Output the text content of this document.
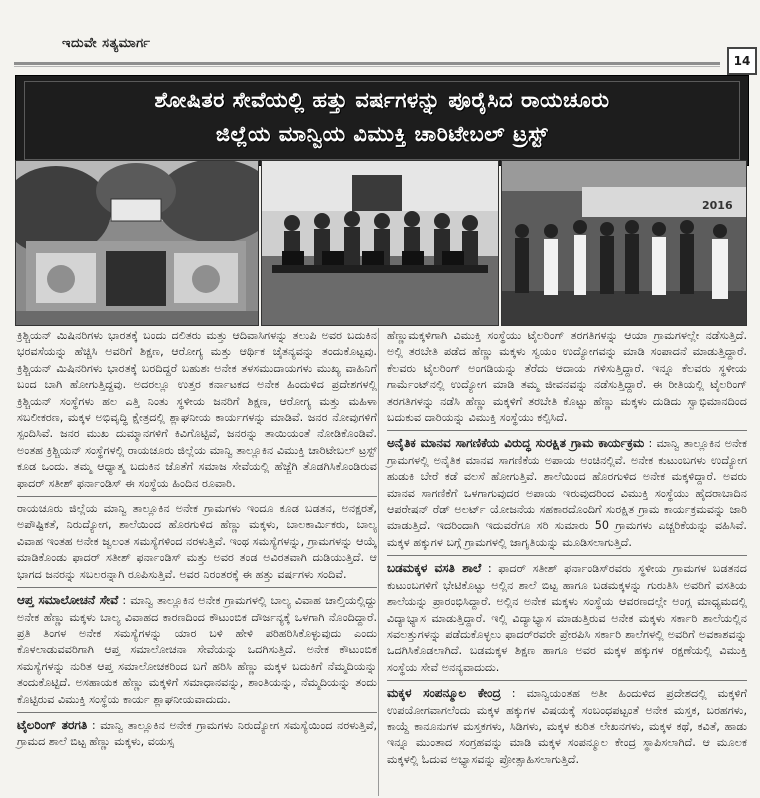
ಇದುವೇ ಸತ್ಯಮಾರ್ಗ
14
ಶೋಷಿತರ ಸೇವೆಯಲ್ಲಿ ಹತ್ತು ವರ್ಷಗಳನ್ನು ಪೂರೈಸಿದ ರಾಯಚೂರು
ಜಿಲ್ಲೆಯ ಮಾನ್ವಿಯ ವಿಮುಕ್ತಿ ಚಾರಿಟೇಬಲ್ ಟ್ರಸ್ಟ್
2016

ಕ್ರಿಶ್ಚಿಯನ್ ಮಿಷಿನರಿಗಳು ಭಾರತಕ್ಕೆ ಬಂದು ದಲಿತರು ಮತ್ತು ಆದಿವಾಸಿಗಳನ್ನು ತಲುಪಿ ಅವರ ಬದುಕಿನ ಭರವಸೆಯನ್ನು ಹೆಚ್ಚಿಸಿ ಅವರಿಗೆ ಶಿಕ್ಷಣ, ಆರೋಗ್ಯ ಮತ್ತು ಆರ್ಥಿಕ ಚೈತನ್ಯವನ್ನು ತಂದುಕೊಟ್ಟವು. ಕ್ರಿಶ್ಚಿಯನ್ ಮಿಷಿನರಿಗಳು ಭಾರತಕ್ಕೆ ಬರದಿದ್ದರೆ ಬಹುಶಃ ಅನೇಕ ತಳಸಮುದಾಯಗಳು ಮುಖ್ಯ ವಾಹಿನಿಗೆ ಬಂದ ಬಾಗಿ ಹೋಗುತ್ತಿದ್ದವು. ಅದರಲ್ಲೂ ಉತ್ತರ ಕರ್ನಾಟಕದ ಅನೇಕ ಹಿಂದುಳಿದ ಪ್ರದೇಶಗಳಲ್ಲಿ ಕ್ರಿಶ್ಚಿಯನ್ ಸಂಸ್ಥೆಗಳು ಹಲ ಎತ್ತಿ ನಿಂತು ಸ್ಥಳೀಯ ಜನರಿಗೆ ಶಿಕ್ಷಣ, ಆರೋಗ್ಯ ಮತ್ತು ಮಹಿಳಾ ಸಬಲೀಕರಣ, ಮಕ್ಕಳ ಅಭಿವೃದ್ಧಿ ಕ್ಷೇತ್ರದಲ್ಲಿ ಶ್ಲಾಘನೀಯ ಕಾರ್ಯಗಳನ್ನು ಮಾಡಿವೆ. ಜನರ ನೋವುಗಳಿಗೆ ಸ್ಪಂದಿಸಿವೆ. ಜನರ ಮುಖ ದುಮ್ಮಾನಗಳಿಗೆ ಕಿವಿಗೊಟ್ಟಿವೆ, ಜನರನ್ನು ತಾಯಿಯಂತೆ ನೋಡಿಕೊಂಡಿವೆ. ಅಂತಹ ಕ್ರಿಶ್ಚಿಯನ್ ಸಂಸ್ಥೆಗಳಲ್ಲಿ ರಾಯಚೂರು ಜಿಲ್ಲೆಯ ಮಾನ್ವಿ ತಾಲ್ಲೂಕಿನ ವಿಮುಕ್ತಿ ಚಾರಿಟೇಬಲ್ ಟ್ರಸ್ಟ್ ಕೂಡ ಒಂದು. ತಮ್ಮ ಆಧ್ಯಾತ್ಮ ಬದುಕಿನ ಜೊತೆಗೆ ಸಮಾಜ ಸೇವೆಯಲ್ಲಿ ಹೆಜ್ಜೆಗಿ ತೊಡಗಿಸಿಕೊಂಡಿರುವ ಫಾದರ್ ಸತೀಶ್ ಫರ್ನಾಂಡಿಸ್ ಈ ಸಂಸ್ಥೆಯ ಹಿಂದಿನ ರೂವಾರಿ.

ರಾಯಚೂರು ಜಿಲ್ಲೆಯ ಮಾನ್ವಿ ತಾಲ್ಲೂಕಿನ ಅನೇಕ ಗ್ರಾಮಗಳು ಇಂದೂ ಕೂಡ ಬಡತನ, ಅನಕ್ಷರತೆ, ಅಪೌಷ್ಟಿಕತೆ, ನಿರುದ್ಯೋಗ, ಶಾಲೆಯಿಂದ ಹೊರಗುಳಿದ ಹೆಣ್ಣು ಮಕ್ಕಳು, ಬಾಲಕಾರ್ಮಿಕರು, ಬಾಲ್ಯ ವಿವಾಹ ಇಂತಹ ಅನೇಕ ಜ್ವಲಂತ ಸಮಸ್ಯೆಗಳಿಂದ ನರಳುತ್ತಿವೆ. ಇಂಥ ಸಮಸ್ಯೆಗಳನ್ನು, ಗ್ರಾಮಗಳನ್ನು ಆಯ್ಕೆ ಮಾಡಿಕೊಂಡು ಫಾದರ್ ಸತೀಶ್ ಫರ್ನಾಂಡಿಸ್ ಮತ್ತು ಅವರ ತಂಡ ಅವಿರತವಾಗಿ ದುಡಿಯುತ್ತಿದೆ. ಆ ಭಾಗದ ಜನರನ್ನು ಸಬಲರನ್ನಾಗಿ ರೂಪಿಸುತ್ತಿವೆ. ಅವರ ನಿರಂತರಕ್ಕೆ ಈ ಹತ್ತು ವರ್ಷಗಳು ಸಂದಿವೆ.

ಆಪ್ತ ಸಮಾಲೋಚನೆ ಸೇವೆ : ಮಾನ್ವಿ ತಾಲ್ಲೂಕಿನ ಅನೇಕ ಗ್ರಾಮಗಳಲ್ಲಿ ಬಾಲ್ಯ ವಿವಾಹ ಚಾಲ್ತಿಯಲ್ಲಿದ್ದು ಅನೇಕ ಹೆಣ್ಣು ಮಕ್ಕಳು ಬಾಲ್ಯ ವಿವಾಹದ ಕಾರಣದಿಂದ ಕೌಟುಂಬಿಕ ದೌರ್ಜನ್ಯಕ್ಕೆ ಒಳಗಾಗಿ ನೊಂದಿದ್ದಾರೆ. ಪ್ರತಿ ತಿಂಗಳ ಅನೇಕ ಸಮಸ್ಯೆಗಳನ್ನು ಯಾರ ಬಳಿ ಹೇಳಿ ಪರಿಹರಿಸಿಕೊಳ್ಳುವುದು ಎಂದು ಕೊಳಲಾಡುವವರಿಗಾಗಿ ಆಪ್ತ ಸಮಾಲೋಚನಾ ಸೇವೆಯನ್ನು ಒದಗಿಸುತ್ತಿದೆ. ಅನೇಕ ಕೌಟುಂಬಿಕ ಸಮಸ್ಯೆಗಳನ್ನು ನುರಿತ ಆಪ್ತ ಸಮಾಲೋಚಕರಿಂದ ಬಗೆ ಹರಿಸಿ ಹೆಣ್ಣು ಮಕ್ಕಳ ಬದುಕಿಗೆ ನೆಮ್ಮದಿಯನ್ನು ತಂದುಕೊಟ್ಟಿದೆ. ಅಸಹಾಯಕ ಹೆಣ್ಣು ಮಕ್ಕಳಿಗೆ ಸಮಾಧಾನವನ್ನು, ಶಾಂತಿಯನ್ನು, ನೆಮ್ಮದಿಯನ್ನು ತಂದು ಕೊಟ್ಟಿರುವ ವಿಮುಕ್ತಿ ಸಂಸ್ಥೆಯ ಕಾರ್ಯ ಶ್ಲಾಘನೀಯವಾದುದು.

ಟೈಲರಿಂಗ್ ತರಗತಿ : ಮಾನ್ವಿ ತಾಲ್ಲೂಕಿನ ಅನೇಕ ಗ್ರಾಮಗಳು ನಿರುದ್ಯೋಗ ಸಮಸ್ಯೆಯಿಂದ ನರಳುತ್ತಿವೆ, ಗ್ರಾಮದ ಶಾಲೆ ಬಿಟ್ಟ ಹೆಣ್ಣು ಮಕ್ಕಳು, ವಯಸ್ಸ

ಹೆಣ್ಣುಮಕ್ಕಳಿಗಾಗಿ ವಿಮುಕ್ತಿ ಸಂಸ್ಥೆಯು ಟೈಲರಿಂಗ್ ತರಗತಿಗಳನ್ನು ಆಯಾ ಗ್ರಾಮಗಳಲ್ಲೇ ನಡೆಸುತ್ತಿದೆ. ಅಲ್ಲಿ ತರಬೇತಿ ಪಡೆದ ಹೆಣ್ಣು ಮಕ್ಕಳು ಸ್ವಯಂ ಉದ್ಯೋಗವನ್ನು ಮಾಡಿ ಸಂಪಾದನೆ ಮಾಡುತ್ತಿದ್ದಾರೆ. ಕೆಲವರು ಟೈಲರಿಂಗ್ ಅಂಗಡಿಯನ್ನು ತೆರೆದು ಆದಾಯ ಗಳಿಸುತ್ತಿದ್ದಾರೆ. ಇನ್ನೂ ಕೆಲವರು ಸ್ಥಳೀಯ ಗಾರ್ಮೆಂಟ್‌ನಲ್ಲಿ ಉದ್ಯೋಗ ಮಾಡಿ ತಮ್ಮ ಜೀವನವನ್ನು ನಡೆಸುತ್ತಿದ್ದಾರೆ. ಈ ರೀತಿಯಲ್ಲಿ ಟೈಲರಿಂಗ್ ತರಗತಿಗಳನ್ನು ನಡೆಸಿ ಹೆಣ್ಣು ಮಕ್ಕಳಿಗೆ ತರಬೇತಿ ಕೊಟ್ಟು ಹೆಣ್ಣು ಮಕ್ಕಳು ದುಡಿದು ಸ್ವಾಭಿಮಾನದಿಂದ ಬದುಕುವ ದಾರಿಯನ್ನು ವಿಮುಕ್ತಿ ಸಂಸ್ಥೆಯು ಕಲ್ಪಿಸಿದೆ.

ಅನೈತಿಕ ಮಾನವ ಸಾಗಣಿಕೆಯ ವಿರುದ್ಧ ಸುರಕ್ಷಿತ ಗ್ರಾಮ ಕಾರ್ಯಕ್ರಮ : ಮಾನ್ವಿ ತಾಲ್ಲೂಕಿನ ಅನೇಕ ಗ್ರಾಮಗಳಲ್ಲಿ ಅನೈತಿಕ ಮಾನವ ಸಾಗಣಿಕೆಯ ಅಪಾಯ ಅಂಚಿನಲ್ಲಿವೆ. ಅನೇಕ ಕುಟುಂಬಗಳು ಉದ್ಯೋಗ ಹುಡುಕಿ ಬೇರೆ ಕಡೆ ವಲಸೆ ಹೋಗುತ್ತಿವೆ. ಶಾಲೆಯಿಂದ ಹೊರಗುಳಿದ ಅನೇಕ ಮಕ್ಕಳಿದ್ದಾರೆ. ಅವರು ಮಾನವ ಸಾಗಣಿಕೆಗೆ ಒಳಗಾಗುವುದರ ಅಪಾಯ ಇರುವುದರಿಂದ ವಿಮುಕ್ತಿ ಸಂಸ್ಥೆಯು ಹೈದರಾಬಾದಿನ ಆಪರೇಷನ್ ರೆಡ್ ಅಲರ್ಟ್ ಯೋಜನೆಯ ಸಹಕಾರದೊಂದಿಗೆ ಸುರಕ್ಷಿತ ಗ್ರಾಮ ಕಾರ್ಯಕ್ರಮವನ್ನು ಜಾರಿ ಮಾಡುತ್ತಿದೆ. ಇದರಿಂದಾಗಿ ಇದುವರೆಗೂ ಸರಿ ಸುಮಾರು 50 ಗ್ರಾಮಗಳು ಎಚ್ಚರಿಕೆಯನ್ನು ವಹಿಸಿವೆ. ಮಕ್ಕಳ ಹಕ್ಕುಗಳ ಬಗ್ಗೆ ಗ್ರಾಮಗಳಲ್ಲಿ ಜಾಗೃತಿಯನ್ನು ಮೂಡಿಸಲಾಗುತ್ತಿದೆ.

ಬಡಮಕ್ಕಳ ವಸತಿ ಶಾಲೆ : ಫಾದರ್ ಸತೀಶ್ ಫರ್ನಾಂಡಿಸ್‌ರವರು ಸ್ಥಳೀಯ ಗ್ರಾಮಗಳ ಬಡತನದ ಕುಟುಂಬಗಳಿಗೆ ಭೇಟಿಕೊಟ್ಟು ಅಲ್ಲಿನ ಶಾಲೆ ಬಿಟ್ಟ ಹಾಗೂ ಬಡಮಕ್ಕಳನ್ನು ಗುರುತಿಸಿ ಅವರಿಗೆ ವಸತಿಯ ಶಾಲೆಯನ್ನು ಪ್ರಾರಂಭಿಸಿದ್ದಾರೆ. ಅಲ್ಲಿನ ಅನೇಕ ಮಕ್ಕಳು ಸಂಸ್ಥೆಯ ಆವರಣದಲ್ಲೇ ಅಂಗ್ಲ ಮಾಧ್ಯಮದಲ್ಲಿ ವಿದ್ಯಾಭ್ಯಾಸ ಮಾಡುತ್ತಿದ್ದಾರೆ. ಇಲ್ಲಿ ವಿದ್ಯಾಭ್ಯಾಸ ಮಾಡುತ್ತಿರುವ ಅನೇಕ ಮಕ್ಕಳು ಸರ್ಕಾರಿ ಶಾಲೆಯಲ್ಲಿನ ಸವಲತ್ತುಗಳನ್ನು ಪಡೆದುಕೊಳ್ಳಲು ಫಾದರ್‌ರವರೇ ಪ್ರೇರಪಿಸಿ ಸರ್ಕಾರಿ ಶಾಲೆಗಳಲ್ಲಿ ಅವರಿಗೆ ಅವಕಾಶವನ್ನು ಒದಗಿಸಿಕೊಡಲಾಗಿದೆ. ಬಡಮಕ್ಕಳ ಶಿಕ್ಷಣ ಹಾಗೂ ಅವರ ಮಕ್ಕಳ ಹಕ್ಕುಗಳ ರಕ್ಷಣೆಯಲ್ಲಿ ವಿಮುಕ್ತಿ ಸಂಸ್ಥೆಯ ಸೇವೆ ಅನನ್ಯವಾದುದು.

ಮಕ್ಕಳ ಸಂಪನ್ಮೂಲ ಕೇಂದ್ರ : ಮಾನ್ವಿಯಂತಹ ಅತೀ ಹಿಂದುಳಿದ ಪ್ರದೇಶದಲ್ಲಿ ಮಕ್ಕಳಿಗೆ ಉಪಯೋಗವಾಗಲೆಂದು ಮಕ್ಕಳ ಹಕ್ಕುಗಳ ವಿಷಯಕ್ಕೆ ಸಂಬಂಧಪಟ್ಟಂತೆ ಅನೇಕ ಮಸ್ತಕ, ಬರಹಗಳು, ಕಾಯ್ದೆ ಕಾನೂನುಗಳ ಮಸ್ತಕಗಳು, ಸಿಡಿಗಳು, ಮಕ್ಕಳ ಕುರಿತ ಲೇಖನಗಳು, ಮಕ್ಕಳ ಕಥೆ, ಕವಿತೆ, ಹಾಡು ಇನ್ನೂ ಮುಂತಾದ ಸಂಗ್ರಹವನ್ನು ಮಾಡಿ ಮಕ್ಕಳ ಸಂಪನ್ಮೂಲ ಕೇಂದ್ರ ಸ್ಥಾಪಿಸಲಾಗಿದೆ. ಆ ಮೂಲಕ ಮಕ್ಕಳಲ್ಲಿ ಓದುವ ಅಭ್ಯಾಸವನ್ನು ಪ್ರೋತ್ಸಾಹಿಸಲಾಗುತ್ತಿದೆ.
